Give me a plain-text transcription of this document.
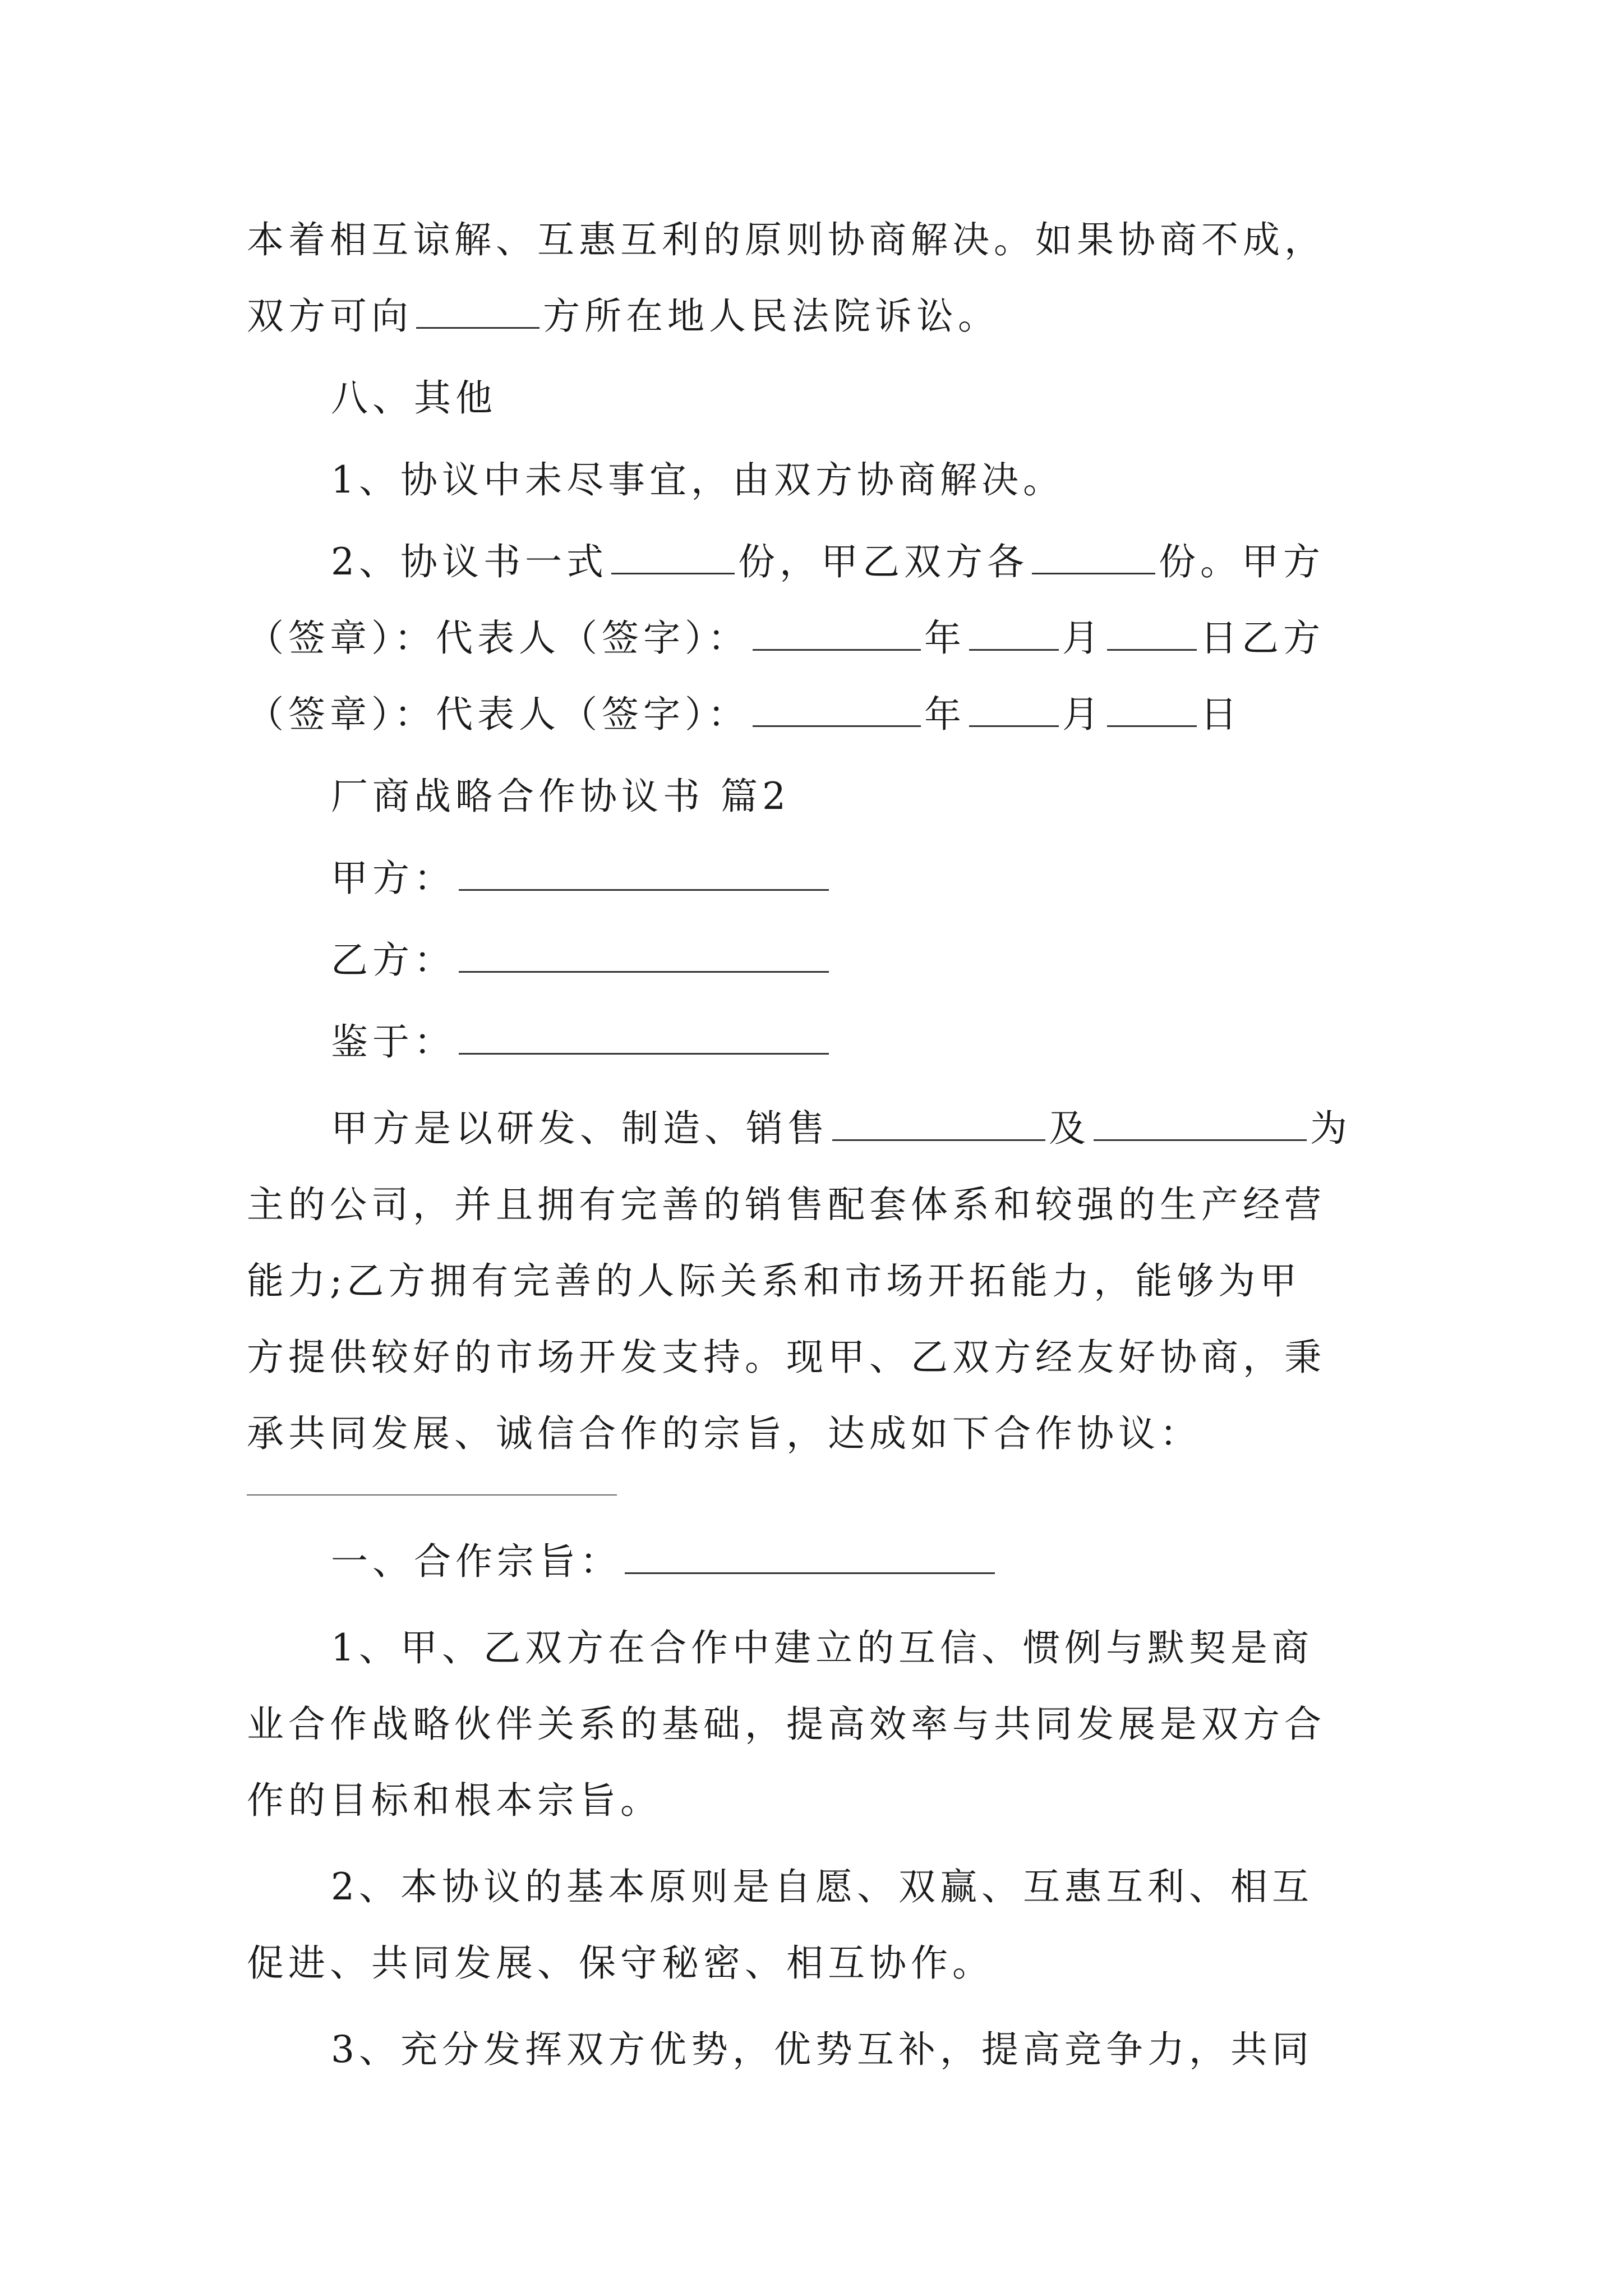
本着相互谅解、互惠互利的原则协商解决。如果协商不成，
双方可向	方所在地人民法院诉讼。
八、其他
1、协议中未尽事宜，由双方协商解决。
2、协议书一式	份，甲乙双方各	份。甲方
（签章）：代表人（签字）：	年	月	日乙方
（签章）：代表人（签字）：	年	月	日
厂商战略合作协议书 篇2
甲方：
乙方：
鉴于：
甲方是以研发、制造、销售	及	为
主的公司，并且拥有完善的销售配套体系和较强的生产经营
能力;乙方拥有完善的人际关系和市场开拓能力，能够为甲
方提供较好的市场开发支持。现甲、乙双方经友好协商，秉
承共同发展、诚信合作的宗旨，达成如下合作协议：
一、合作宗旨：
1、甲、乙双方在合作中建立的互信、惯例与默契是商
业合作战略伙伴关系的基础，提高效率与共同发展是双方合
作的目标和根本宗旨。
2、本协议的基本原则是自愿、双赢、互惠互利、相互
促进、共同发展、保守秘密、相互协作。
3、充分发挥双方优势，优势互补，提高竞争力，共同
